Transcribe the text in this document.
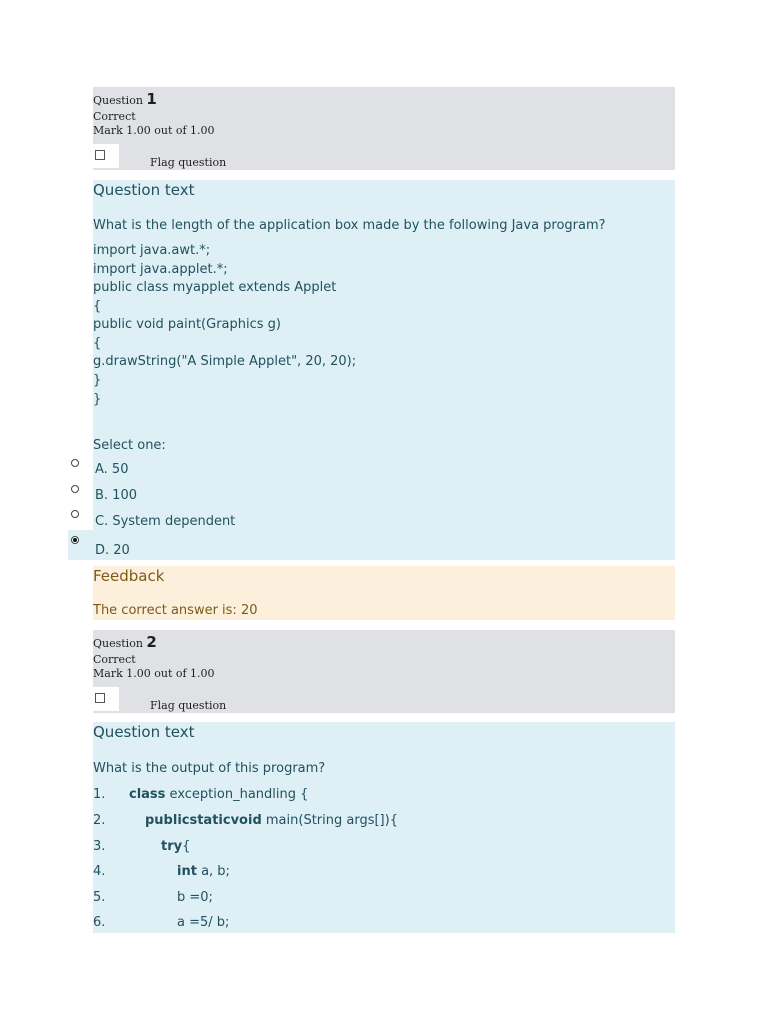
Question 1
Correct
Mark 1.00 out of 1.00
Flag question
Question text
What is the length of the application box made by the following Java program?
import java.awt.*;
import java.applet.*;
public class myapplet extends Applet
{
public void paint(Graphics g)
{
g.drawString("A Simple Applet", 20, 20);
}
}
Select one:
A. 50
B. 100
C. System dependent
D. 20
Feedback
The correct answer is: 20
Question 2
Correct
Mark 1.00 out of 1.00
Flag question
Question text
What is the output of this program?
1. class exception_handling {
2.	publicstaticvoid main(String args[]){
3.	try{
4.	int a, b;
5.	b =0;
6.	a =5/ b;
